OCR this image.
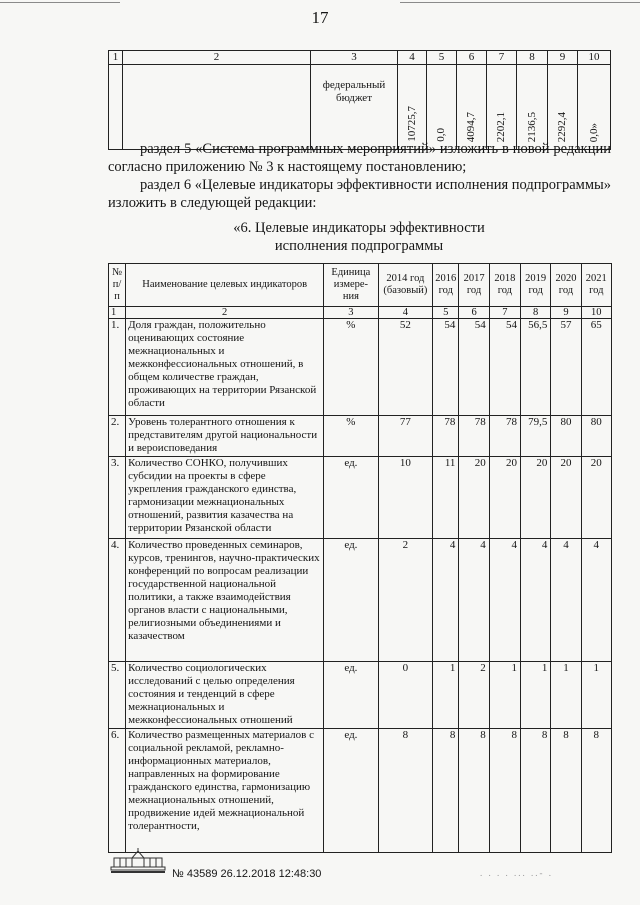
17
1	2	3	4	5	6	7	8	9	10
		федеральный бюджет	10725,7	0,0	4094,7	2202,1	2136,5	2292,4	0,0»
раздел 5 «Система программных мероприятий» изложить в новой редакции согласно приложению № 3 к настоящему постановлению;
раздел 6 «Целевые индикаторы эффективности исполнения подпрограммы» изложить в следующей редакции:
«6. Целевые индикаторы эффективности
исполнения подпрограммы
№ п/п	Наименование целевых индикаторов	Единица измере-ния	2014 год (базовый)	2016 год	2017 год	2018 год	2019 год	2020 год	2021 год
1	2	3	4	5	6	7	8	9	10
1.	Доля граждан, положительно оценивающих состояние межнациональных и межконфессиональных отношений, в общем количестве граждан, проживающих на территории Рязанской области	%	52	54	54	54	56,5	57	65
2.	Уровень толерантного отношения к представителям другой национальности и вероисповедания	%	77	78	78	78	79,5	80	80
3.	Количество СОНКО, получивших субсидии на проекты в сфере укрепления гражданского единства, гармонизации межнациональных отношений, развития казачества на территории Рязанской области	ед.	10	11	20	20	20	20	20
4.	Количество проведенных семинаров, курсов, тренингов, научно-практических конференций по вопросам реализации государственной национальной политики, а также взаимодействия органов власти с национальными, религиозными объединениями и казачеством	ед.	2	4	4	4	4	4	4
5.	Количество социологических исследований с целью определения состояния и тенденций в сфере межнациональных и межконфессиональных отношений	ед.	0	1	2	1	1	1	1
6.	Количество размещенных материалов с социальной рекламой, рекламно-информационных материалов, направленных на формирование гражданского единства, гармонизацию межнациональных отношений, продвижение идей межнациональной толерантности,	ед.	8	8	8	8	8	8	8
№ 43589 26.12.2018 12:48:30	. . . . ... ..- .
